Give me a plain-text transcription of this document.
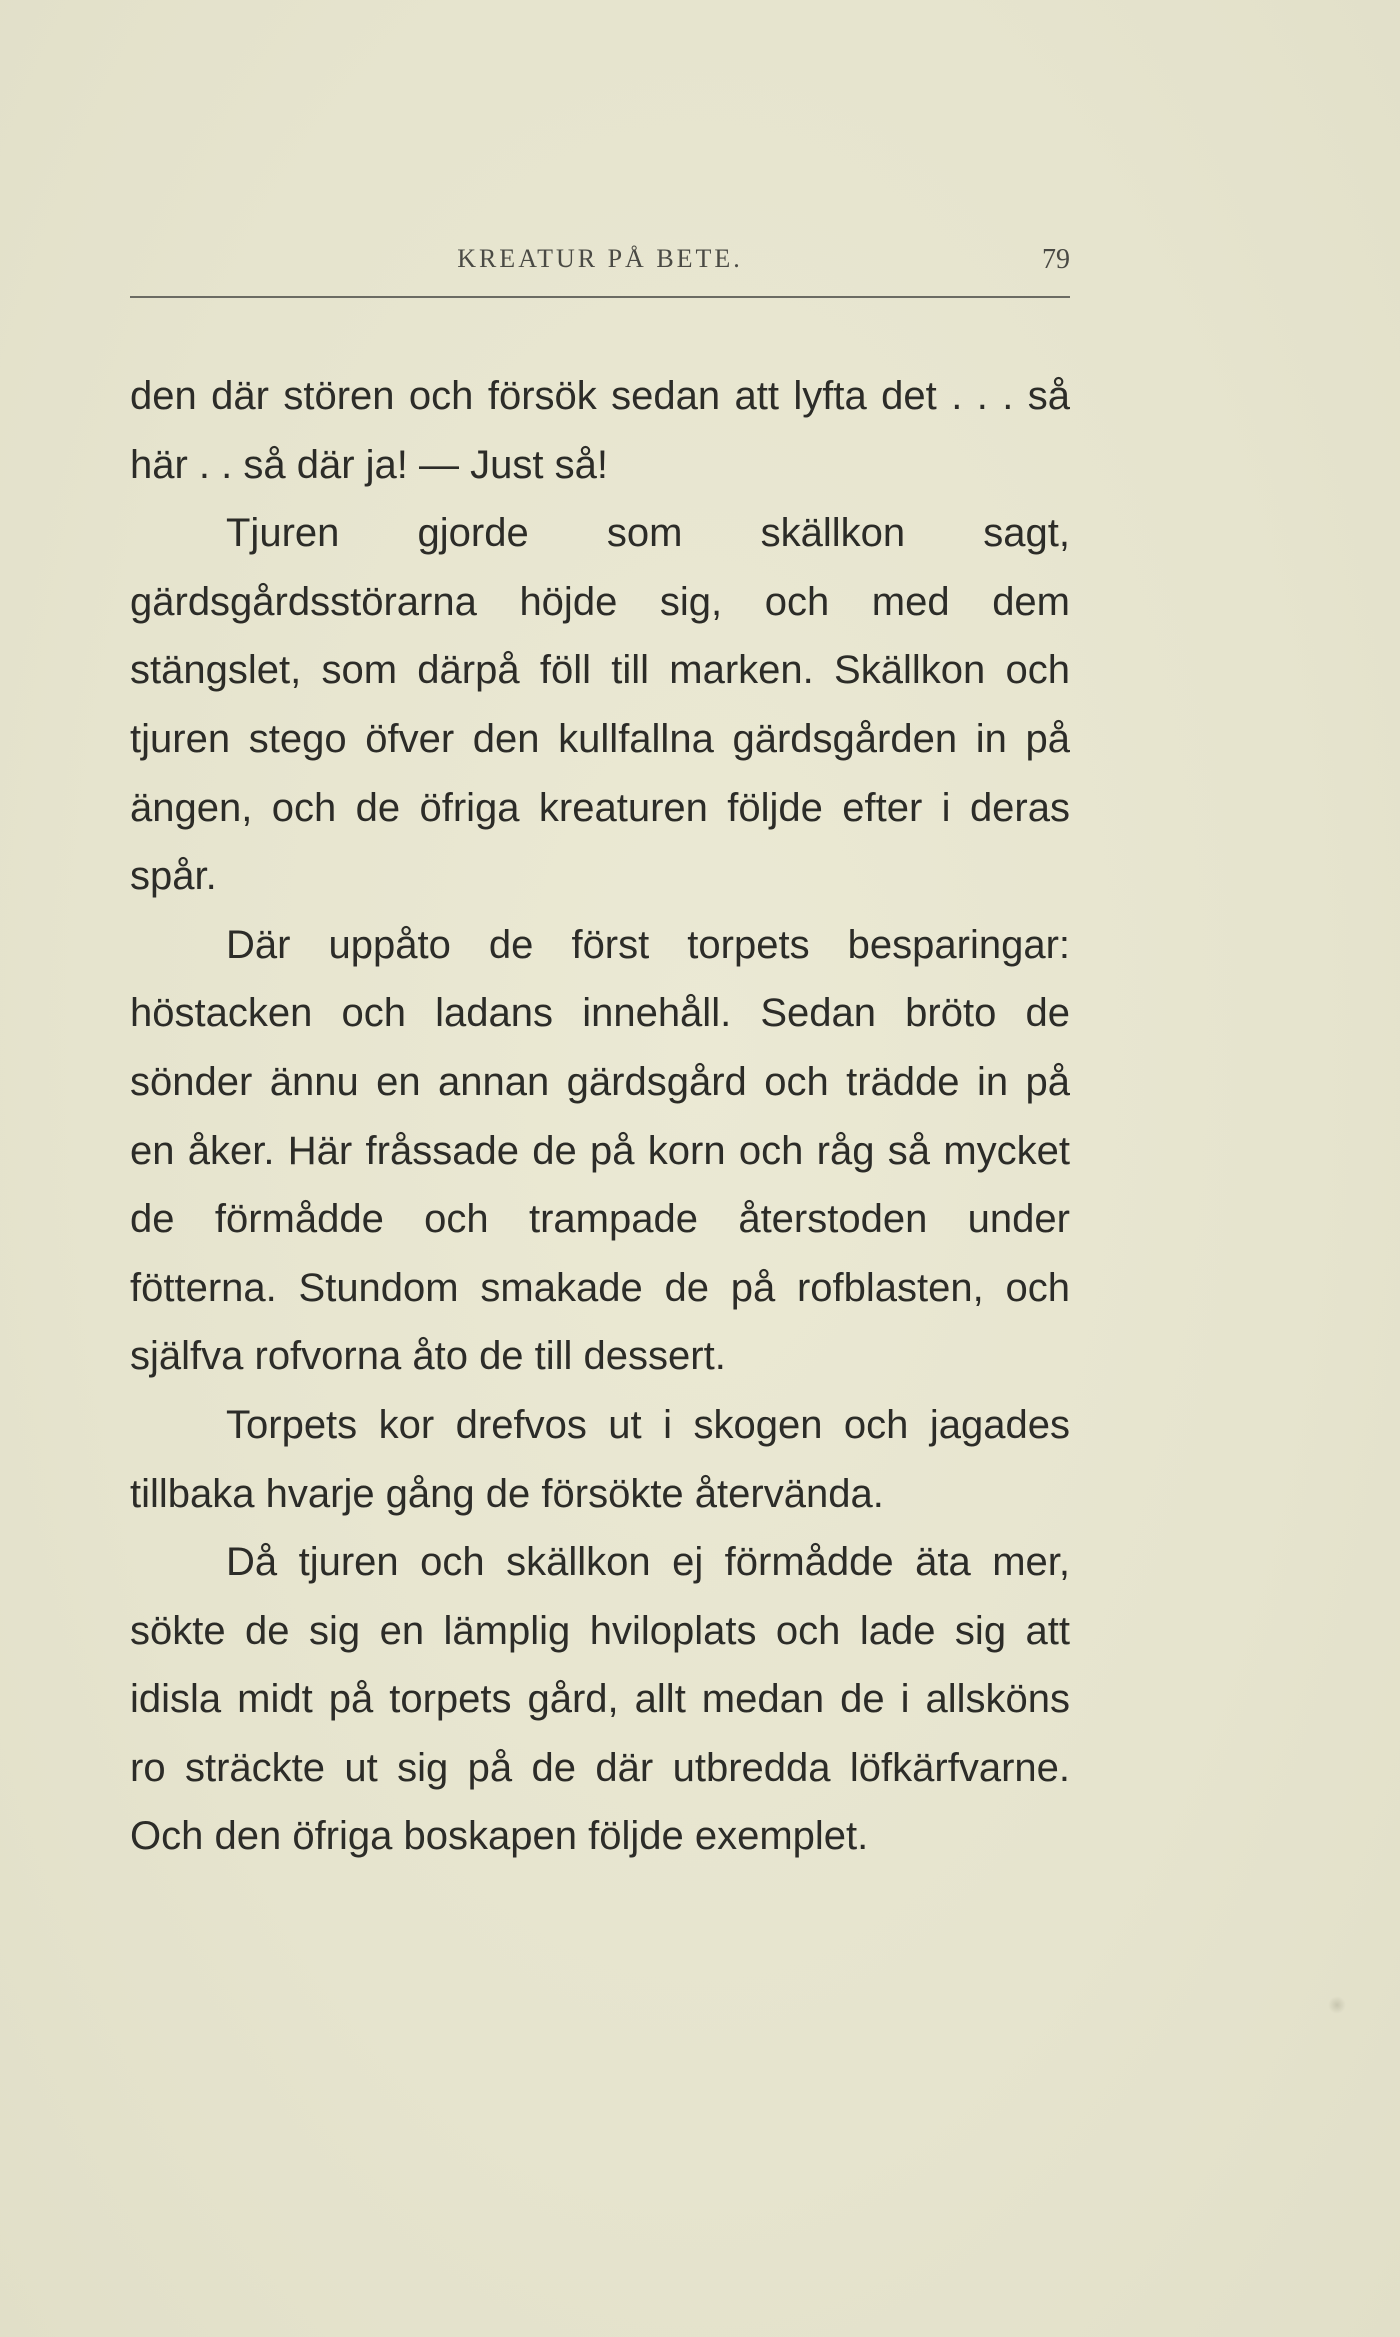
KREATUR PÅ BETE.	79

den där stören och försök sedan att lyfta det . . . så här . . så där ja! — Just så!

Tjuren gjorde som skällkon sagt, gärdsgårdsstörarna höjde sig, och med dem stängslet, som därpå föll till marken. Skällkon och tjuren stego öfver den kullfallna gärdsgården in på ängen, och de öfriga kreaturen följde efter i deras spår.

Där uppåto de först torpets besparingar: höstacken och ladans innehåll. Sedan bröto de sönder ännu en annan gärdsgård och trädde in på en åker. Här fråssade de på korn och råg så mycket de förmådde och trampade återstoden under fötterna. Stundom smakade de på rofblasten, och själfva rofvorna åto de till dessert.

Torpets kor drefvos ut i skogen och jagades tillbaka hvarje gång de försökte återvända.

Då tjuren och skällkon ej förmådde äta mer, sökte de sig en lämplig hviloplats och lade sig att idisla midt på torpets gård, allt medan de i allsköns ro sträckte ut sig på de där utbredda löfkärfvarne. Och den öfriga boskapen följde exemplet.
